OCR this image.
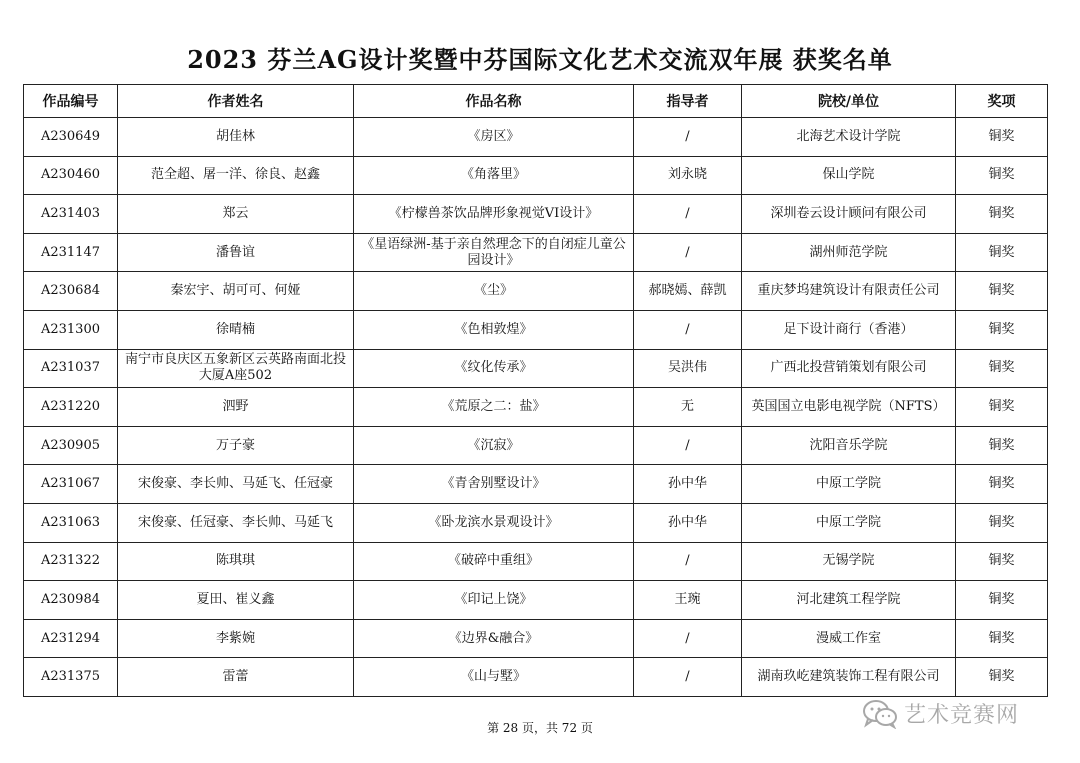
2023 芬兰AG设计奖暨中芬国际文化艺术交流双年展 获奖名单
作品编号	作者姓名	作品名称	指导者	院校/单位	奖项
A230649	胡佳林	《房区》	/	北海艺术设计学院	铜奖
A230460	范全超、屠一洋、徐良、赵鑫	《角落里》	刘永晓	保山学院	铜奖
A231403	郑云	《柠檬兽茶饮品牌形象视觉VI设计》	/	深圳卷云设计顾问有限公司	铜奖
A231147	潘鲁谊	《星语绿洲-基于亲自然理念下的自闭症儿童公园设计》	/	湖州师范学院	铜奖
A230684	秦宏宇、胡可可、何娅	《尘》	郝晓嫣、薛凯	重庆梦坞建筑设计有限责任公司	铜奖
A231300	徐晴楠	《色相敦煌》	/	足下设计商行（香港）	铜奖
A231037	南宁市良庆区五象新区云英路南面北投大厦A座502	《纹化传承》	吴洪伟	广西北投营销策划有限公司	铜奖
A231220	泗野	《荒原之二：盐》	无	英国国立电影电视学院（NFTS）	铜奖
A230905	万子豪	《沉寂》	/	沈阳音乐学院	铜奖
A231067	宋俊豪、李长帅、马延飞、任冠豪	《青舍别墅设计》	孙中华	中原工学院	铜奖
A231063	宋俊豪、任冠豪、李长帅、马延飞	《卧龙滨水景观设计》	孙中华	中原工学院	铜奖
A231322	陈琪琪	《破碎中重组》	/	无锡学院	铜奖
A230984	夏田、崔义鑫	《印记上饶》	王琬	河北建筑工程学院	铜奖
A231294	李紫婉	《边界&融合》	/	漫威工作室	铜奖
A231375	雷蕾	《山与墅》	/	湖南玖屹建筑装饰工程有限公司	铜奖
第 28 页，共 72 页	艺术竞赛网
